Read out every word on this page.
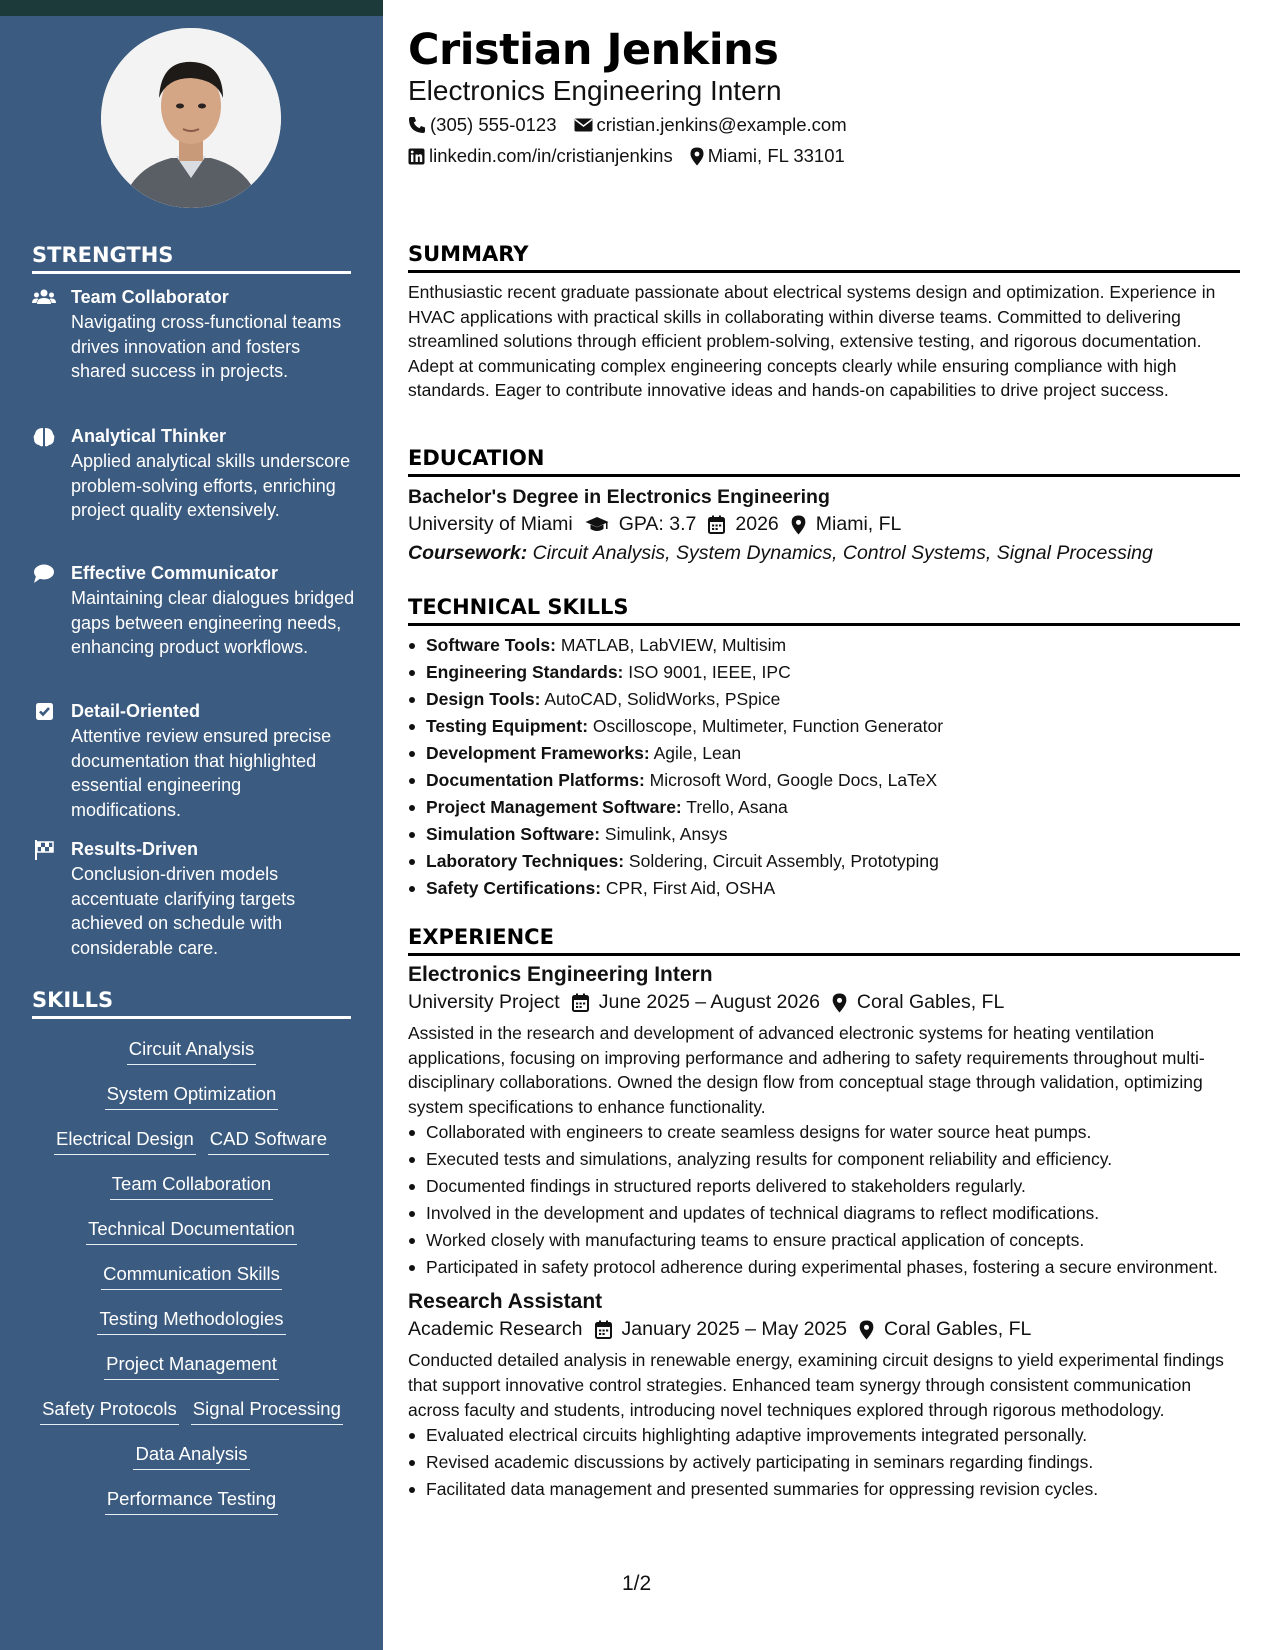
STRENGTHS
Team Collaborator
Navigating cross-functional teams drives innovation and fosters shared success in projects.
Analytical Thinker
Applied analytical skills underscore problem-solving efforts, enriching project quality extensively.
Effective Communicator
Maintaining clear dialogues bridged gaps between engineering needs, enhancing product workflows.
Detail-Oriented
Attentive review ensured precise documentation that highlighted essential engineering modifications.
Results-Driven
Conclusion-driven models accentuate clarifying targets achieved on schedule with considerable care.
SKILLS
Circuit Analysis
System Optimization
Electrical Design CAD Software
Team Collaboration
Technical Documentation
Communication Skills
Testing Methodologies
Project Management
Safety Protocols Signal Processing
Data Analysis
Performance Testing
Cristian Jenkins
Electronics Engineering Intern
(305) 555-0123 cristian.jenkins@example.com
linkedin.com/in/cristianjenkins Miami, FL 33101
SUMMARY

Enthusiastic recent graduate passionate about electrical systems design and optimization. Experience in HVAC applications with practical skills in collaborating within diverse teams. Committed to delivering streamlined solutions through efficient problem-solving, extensive testing, and rigorous documentation. Adept at communicating complex engineering concepts clearly while ensuring compliance with high standards. Eager to contribute innovative ideas and hands-on capabilities to drive project success.

EDUCATION
Bachelor's Degree in Electronics Engineering
University of Miami GPA: 3.7 2026 Miami, FL
Coursework: Circuit Analysis, System Dynamics, Control Systems, Signal Processing
TECHNICAL SKILLS
Software Tools: MATLAB, LabVIEW, Multisim
Engineering Standards: ISO 9001, IEEE, IPC
Design Tools: AutoCAD, SolidWorks, PSpice
Testing Equipment: Oscilloscope, Multimeter, Function Generator
Development Frameworks: Agile, Lean
Documentation Platforms: Microsoft Word, Google Docs, LaTeX
Project Management Software: Trello, Asana
Simulation Software: Simulink, Ansys
Laboratory Techniques: Soldering, Circuit Assembly, Prototyping
Safety Certifications: CPR, First Aid, OSHA
EXPERIENCE
Electronics Engineering Intern
University Project June 2025 – August 2026 Coral Gables, FL

Assisted in the research and development of advanced electronic systems for heating ventilation applications, focusing on improving performance and adhering to safety requirements throughout multi-disciplinary collaborations. Owned the design flow from conceptual stage through validation, optimizing system specifications to enhance functionality.

Collaborated with engineers to create seamless designs for water source heat pumps.
Executed tests and simulations, analyzing results for component reliability and efficiency.
Documented findings in structured reports delivered to stakeholders regularly.
Involved in the development and updates of technical diagrams to reflect modifications.
Worked closely with manufacturing teams to ensure practical application of concepts.
Participated in safety protocol adherence during experimental phases, fostering a secure environment.
Research Assistant
Academic Research January 2025 – May 2025 Coral Gables, FL

Conducted detailed analysis in renewable energy, examining circuit designs to yield experimental findings that support innovative control strategies. Enhanced team synergy through consistent communication across faculty and students, introducing novel techniques explored through rigorous methodology.

Evaluated electrical circuits highlighting adaptive improvements integrated personally.
Revised academic discussions by actively participating in seminars regarding findings.
Facilitated data management and presented summaries for oppressing revision cycles.
1/2
